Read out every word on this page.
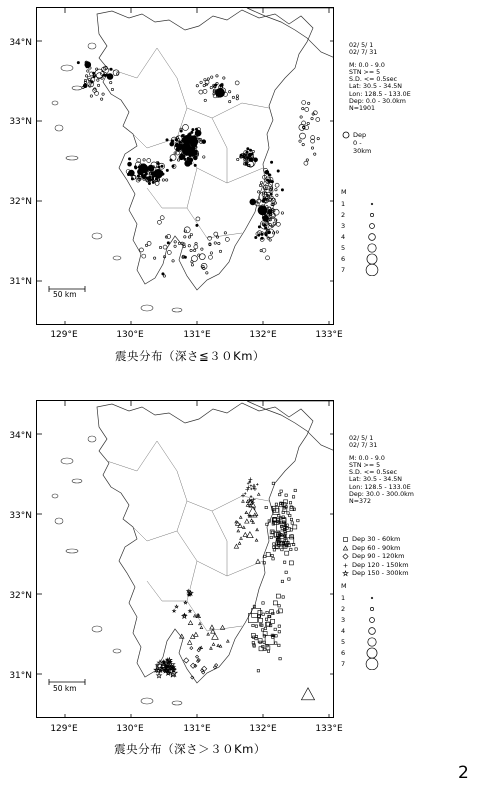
34°N
33°N
32°N
31°N
129°E	130°E	131°E	132°E	133°E
震央分布（深さ≦３０Km）
50 km
02/ 5/ 1
02/ 7/ 31
M: 0.0 - 9.0
STN >= 5
S.D. <= 0.5sec
Lat: 30.5 - 34.5N
Lon: 128.5 - 133.0E
Dep: 0.0 - 30.0km
N=1901
Dep 0 - 30km
M
1
2
3
4
5
6
7
34°N
33°N
32°N
31°N
129°E	130°E	131°E	132°E	133°E
震央分布（深さ＞３０Km）
50 km
02/ 5/ 1
02/ 7/ 31
M: 0.0 - 9.0
STN >= 5
S.D. <= 0.5sec
Lat: 30.5 - 34.5N
Lon: 128.5 - 133.0E
Dep: 30.0 - 300.0km
N=372
Dep 30 - 60km
Dep 60 - 90km
Dep 90 - 120km
Dep 120 - 150km
Dep 150 - 300km
M
1
2
3
4
5
6
7
2
